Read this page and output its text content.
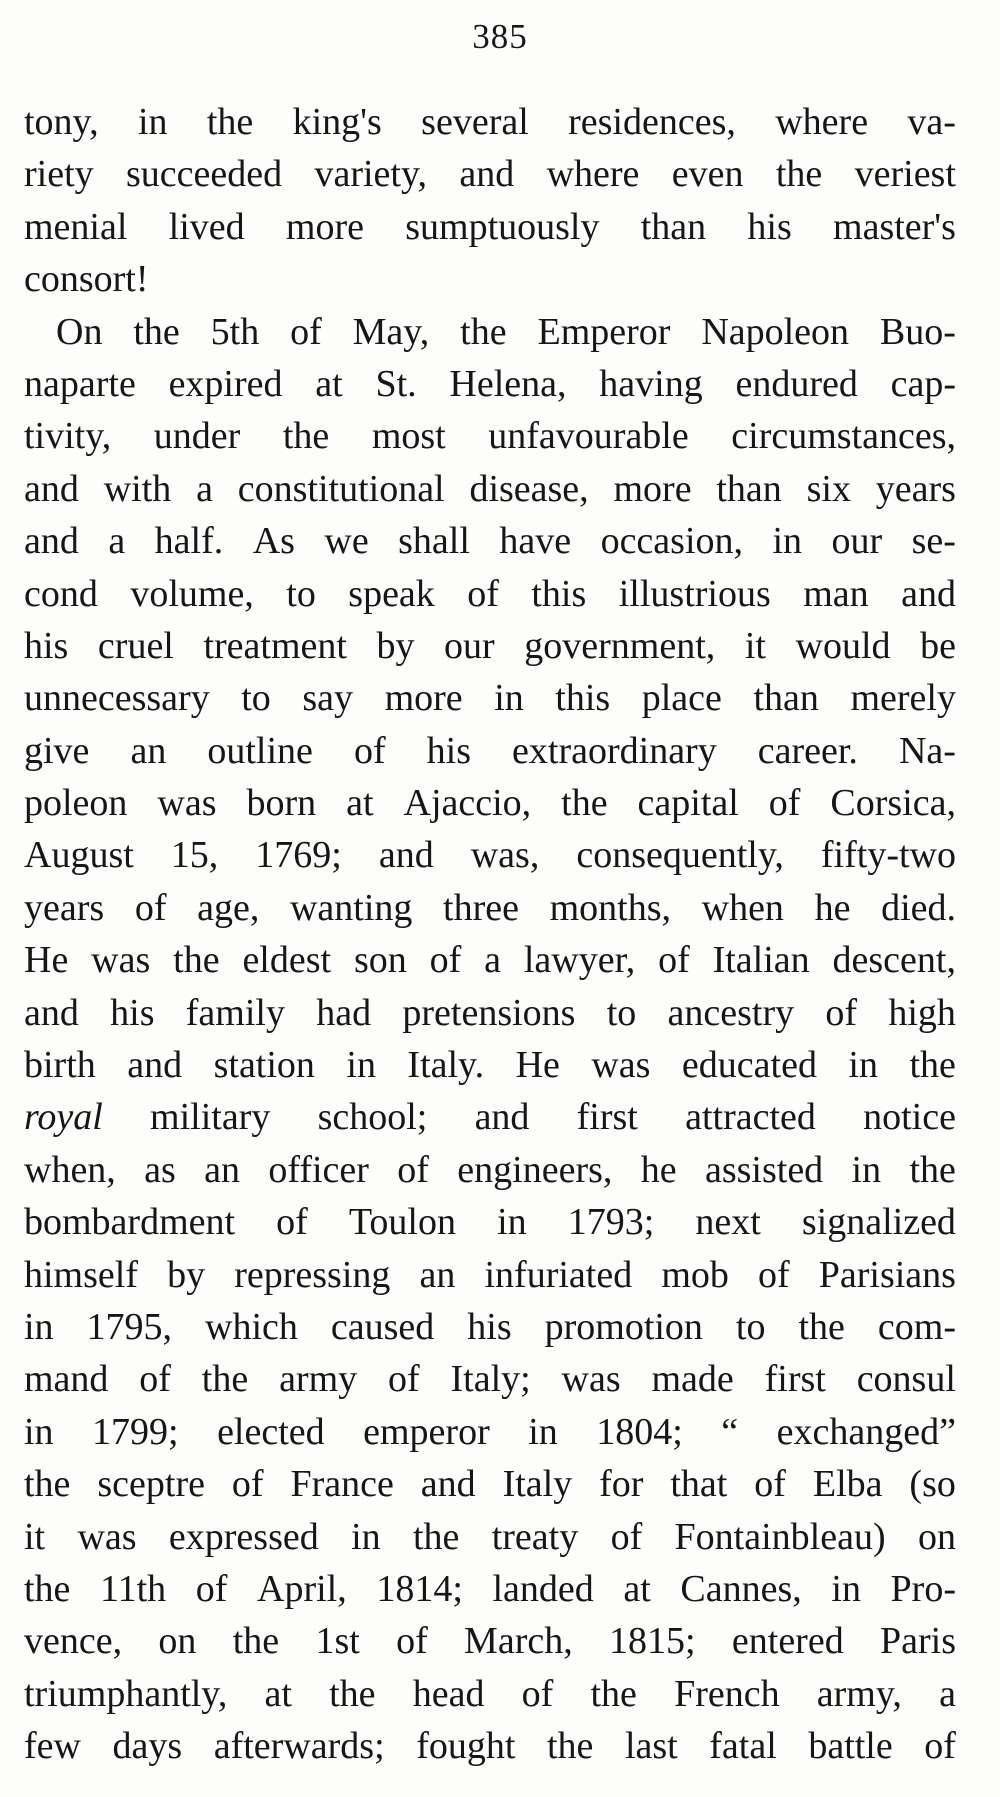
385
tony, in the king's several residences, where va-
riety succeeded variety, and where even the veriest
menial lived more sumptuously than his master's
consort!
On the 5th of May, the Emperor Napoleon Buo-
naparte expired at St. Helena, having endured cap-
tivity, under the most unfavourable circumstances,
and with a constitutional disease, more than six years
and a half. As we shall have occasion, in our se-
cond volume, to speak of this illustrious man and
his cruel treatment by our government, it would be
unnecessary to say more in this place than merely
give an outline of his extraordinary career. Na-
poleon was born at Ajaccio, the capital of Corsica,
August 15, 1769; and was, consequently, fifty-two
years of age, wanting three months, when he died.
He was the eldest son of a lawyer, of Italian descent,
and his family had pretensions to ancestry of high
birth and station in Italy. He was educated in the
royal military school; and first attracted notice
when, as an officer of engineers, he assisted in the
bombardment of Toulon in 1793; next signalized
himself by repressing an infuriated mob of Parisians
in 1795, which caused his promotion to the com-
mand of the army of Italy; was made first consul
in 1799; elected emperor in 1804; “ exchanged”
the sceptre of France and Italy for that of Elba (so
it was expressed in the treaty of Fontainbleau) on
the 11th of April, 1814; landed at Cannes, in Pro-
vence, on the 1st of March, 1815; entered Paris
triumphantly, at the head of the French army, a
few days afterwards; fought the last fatal battle of
